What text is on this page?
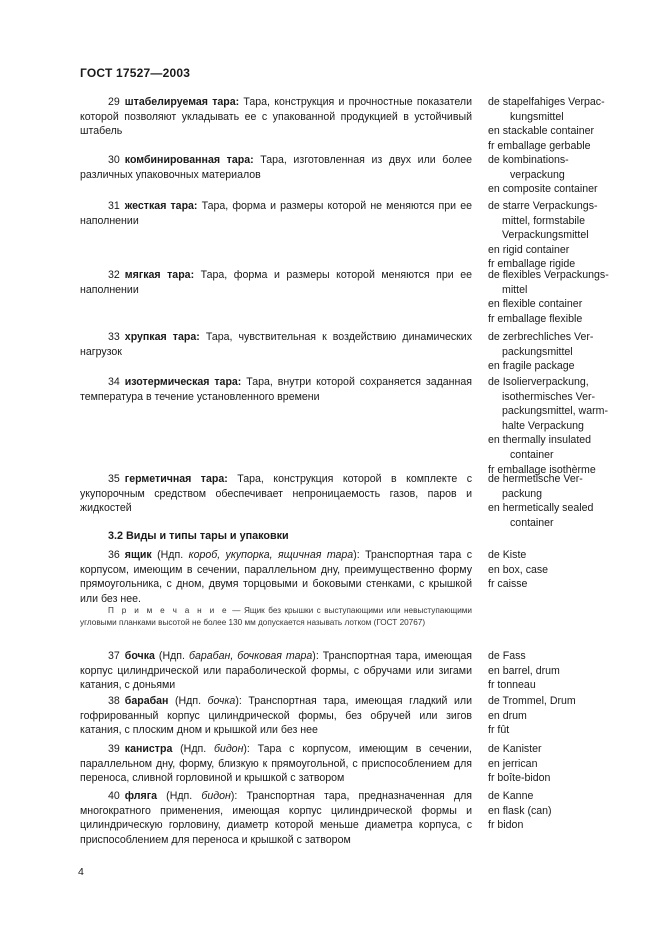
ГОСТ 17527—2003
29 штабелируемая тара: Тара, конструкция и прочностные показатели которой позволяют укладывать ее с упакованной продукцией в устойчивый штабель
de stapelfahiges Verpac-
kungsmittel
en stackable container
fr emballage gerbable
30 комбинированная тара: Тара, изготовленная из двух или более различных упаковочных материалов
de kombinations-
verpackung
en composite container
31 жесткая тара: Тара, форма и размеры которой не меняются при ее наполнении
de starre Verpackungs-
mittel, formstabile
Verpackungsmittel
en rigid container
fr emballage rigide
32 мягкая тара: Тара, форма и размеры которой меняются при ее наполнении
de flexibles Verpackungs-
mittel
en flexible container
fr emballage flexible
33 хрупкая тара: Тара, чувствительная к воздействию динамических нагрузок
de zerbrechliches Ver-
packungsmittel
en fragile package
34 изотермическая тара: Тара, внутри которой сохраняется заданная температура в течение установленного времени
de Isolierverpackung,
isothermisches Ver-
packungsmittel, warm-
halte Verpackung
en thermally insulated
container
fr emballage isothèrme
35 герметичная тара: Тара, конструкция которой в комплекте с укупорочным средством обеспечивает непроницаемость газов, паров и жидкостей
de hermetische Ver-
packung
en hermetically sealed
container
3.2 Виды и типы тары и упаковки
36 ящик (Ндп. короб, укупорка, ящичная тара): Транспортная тара с корпусом, имеющим в сечении, параллельном дну, преимущественно форму прямоугольника, с дном, двумя торцовыми и боковыми стенками, с крышкой или без нее.
de Kiste
en box, case
fr caisse
П р и м е ч а н и е — Ящик без крышки с выступающими или невыступающими угловыми планками высотой не более 130 мм допускается называть лотком (ГОСТ 20767)
37 бочка (Ндп. барабан, бочковая тара): Транспортная тара, имеющая корпус цилиндрической или параболической формы, с обручами или зигами катания, с доньями
de Fass
en barrel, drum
fr tonneau
38 барабан (Ндп. бочка): Транспортная тара, имеющая гладкий или гофрированный корпус цилиндрической формы, без обручей или зигов катания, с плоским дном и крышкой или без нее
de Trommel, Drum
en drum
fr fût
39 канистра (Ндп. бидон): Тара с корпусом, имеющим в сечении, параллельном дну, форму, близкую к прямоугольной, с приспособлением для переноса, сливной горловиной и крышкой с затвором
de Kanister
en jerrican
fr boîte-bidon
40 фляга (Ндп. бидон): Транспортная тара, предназначенная для многократного применения, имеющая корпус цилиндрической формы и цилиндрическую горловину, диаметр которой меньше диаметра корпуса, с приспособлением для переноса и крышкой с затвором
de Kanne
en flask (can)
fr bidon
4
